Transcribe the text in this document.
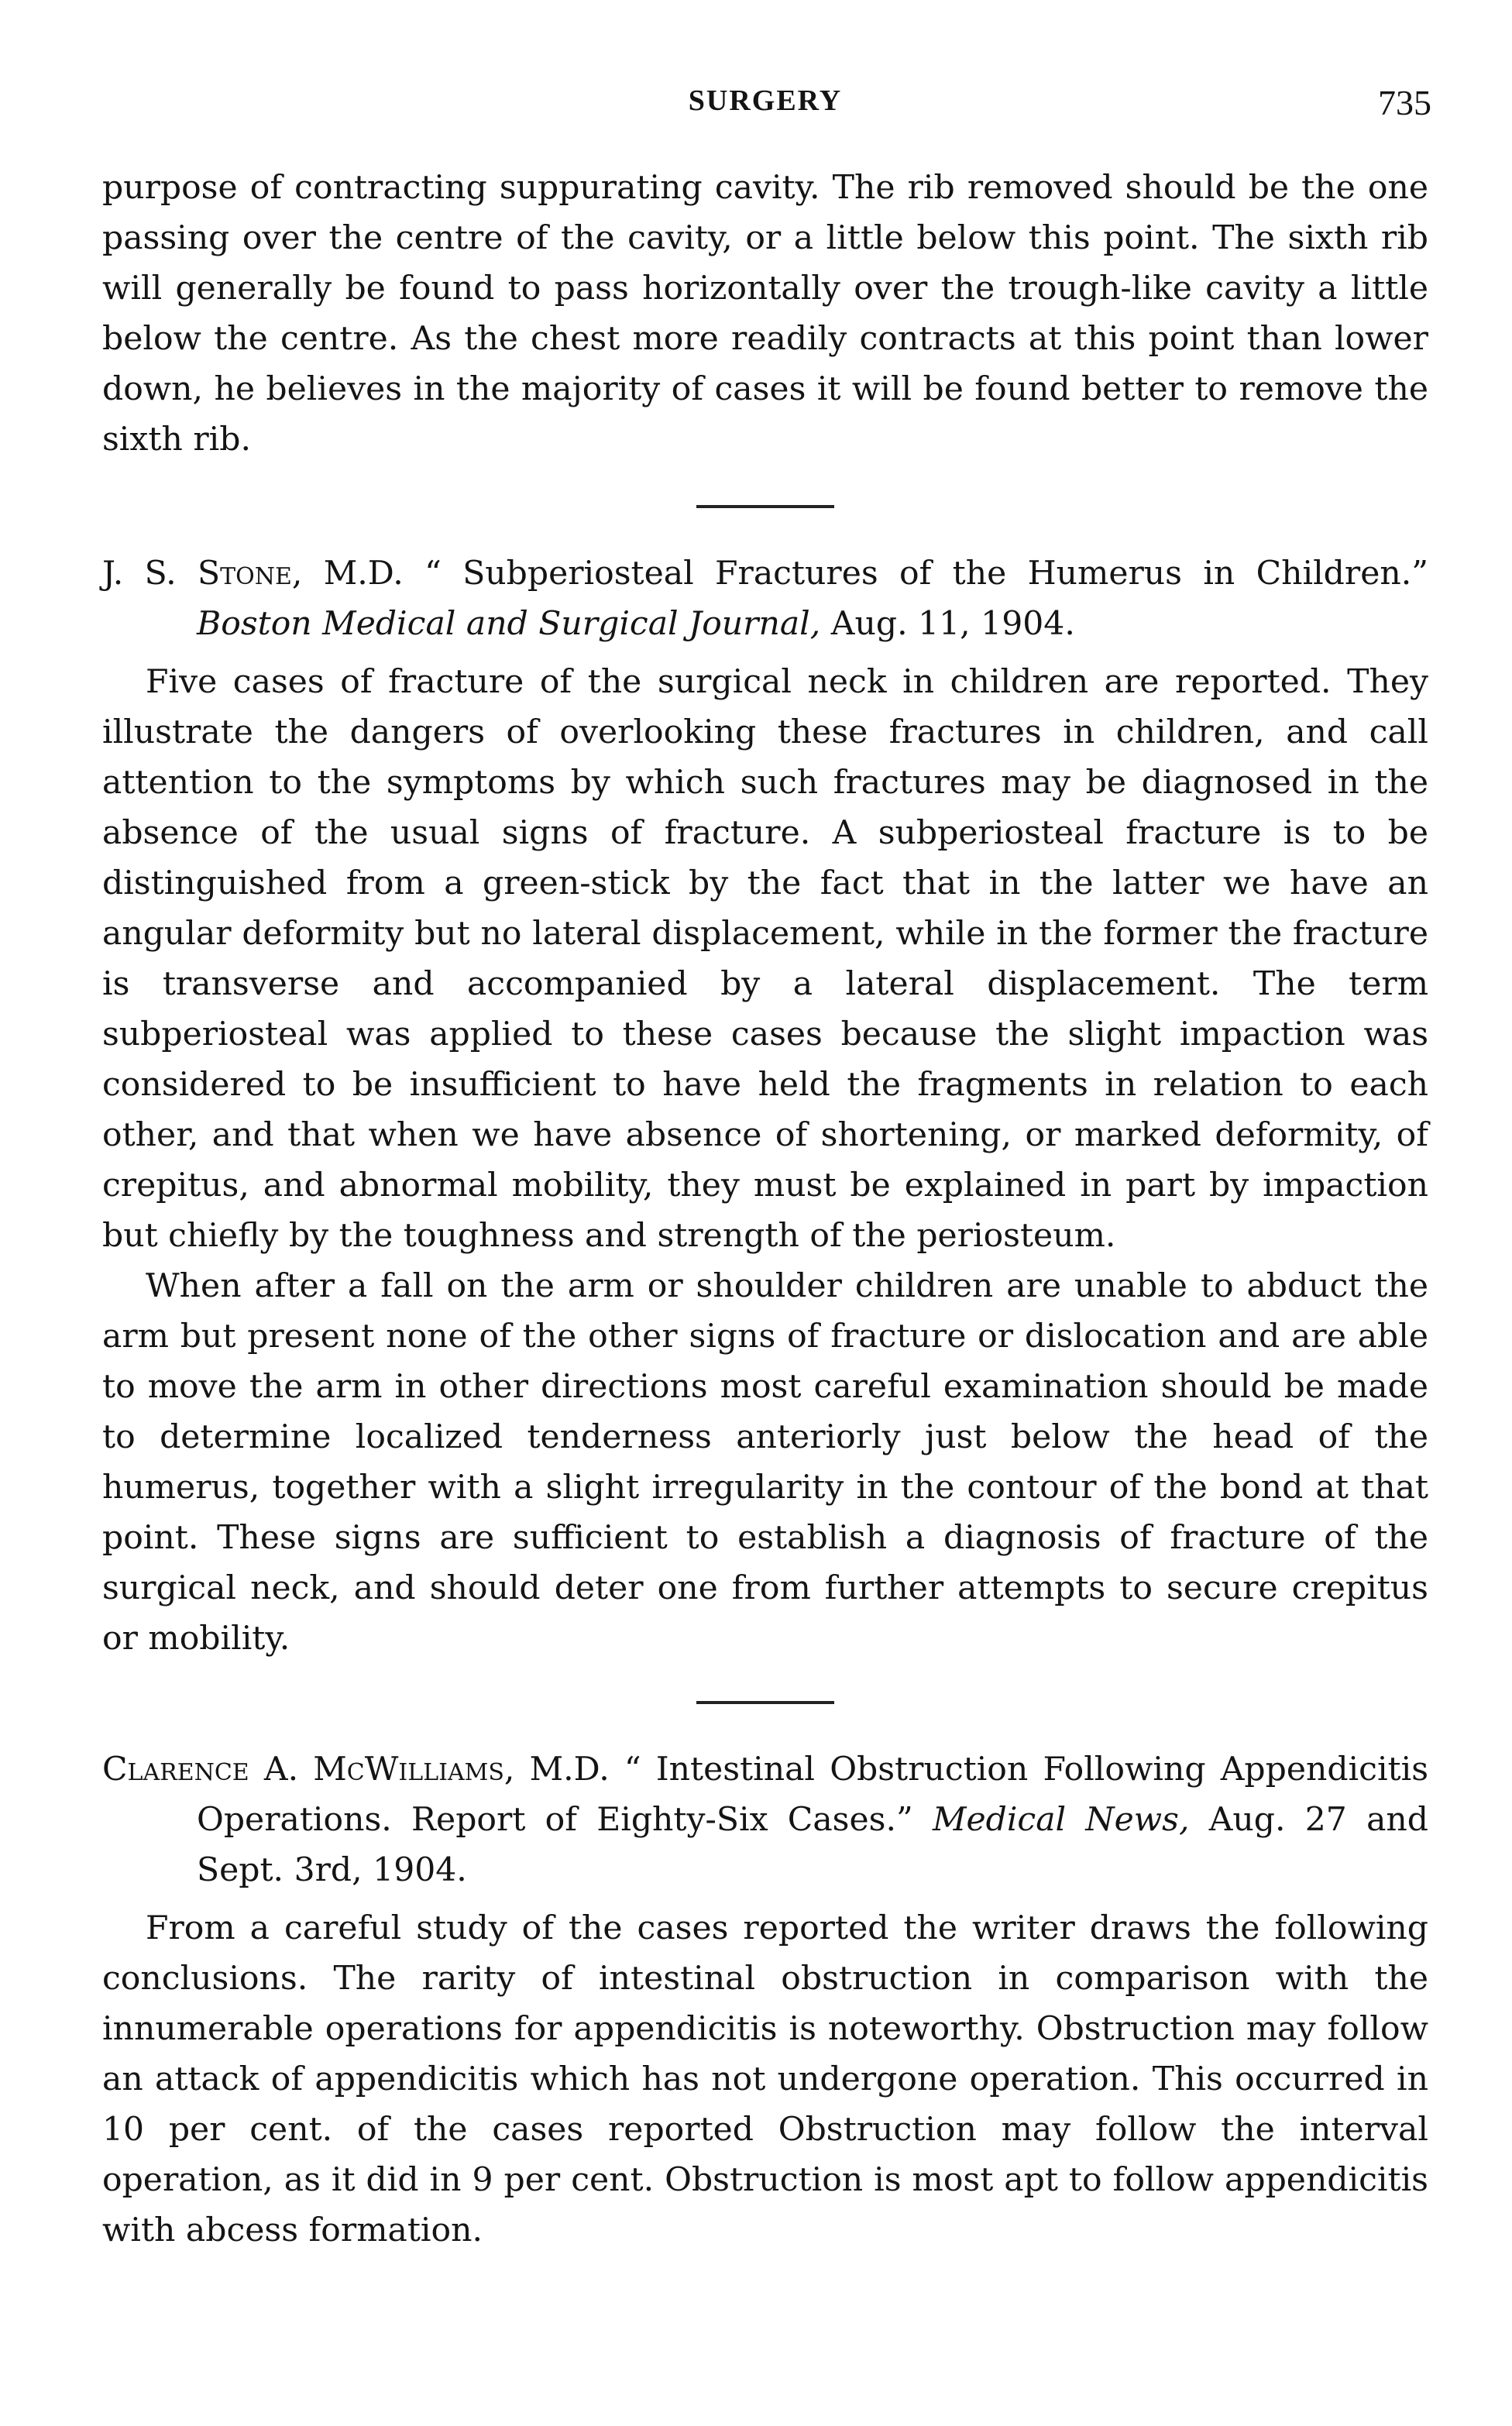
SURGERY	735

purpose of contracting suppurating cavity. The rib removed should be the one passing over the centre of the cavity, or a little below this point. The sixth rib will generally be found to pass horizontally over the trough-like cavity a little below the centre. As the chest more readily contracts at this point than lower down, he believes in the majority of cases it will be found better to remove the sixth rib.

J. S. Stone, M.D. “ Subperiosteal Fractures of the Humerus in Children.” Boston Medical and Surgical Journal, Aug. 11, 1904.

Five cases of fracture of the surgical neck in children are reported. They illustrate the dangers of overlooking these fractures in children, and call attention to the symptoms by which such fractures may be diagnosed in the absence of the usual signs of fracture. A subperiosteal fracture is to be distinguished from a green-stick by the fact that in the latter we have an angular deformity but no lateral displacement, while in the former the fracture is transverse and accompanied by a lateral displacement. The term subperiosteal was applied to these cases because the slight impaction was considered to be insufficient to have held the fragments in relation to each other, and that when we have absence of shortening, or marked deformity, of crepitus, and abnormal mobility, they must be explained in part by impaction but chiefly by the toughness and strength of the periosteum.

When after a fall on the arm or shoulder children are unable to abduct the arm but present none of the other signs of fracture or dislocation and are able to move the arm in other directions most careful examination should be made to determine localized tenderness anteriorly just below the head of the humerus, together with a slight irregularity in the contour of the bond at that point. These signs are sufficient to establish a diagnosis of fracture of the surgical neck, and should deter one from further attempts to secure crepitus or mobility.

Clarence A. McWilliams, M.D. “ Intestinal Obstruction Following Appendicitis Operations. Report of Eighty-Six Cases.” Medical News, Aug. 27 and Sept. 3rd, 1904.

From a careful study of the cases reported the writer draws the following conclusions. The rarity of intestinal obstruction in comparison with the innumerable operations for appendicitis is noteworthy. Obstruction may follow an attack of appendicitis which has not undergone operation. This occurred in 10 per cent. of the cases reported Obstruction may follow the interval operation, as it did in 9 per cent. Obstruction is most apt to follow appendicitis with abcess formation.
